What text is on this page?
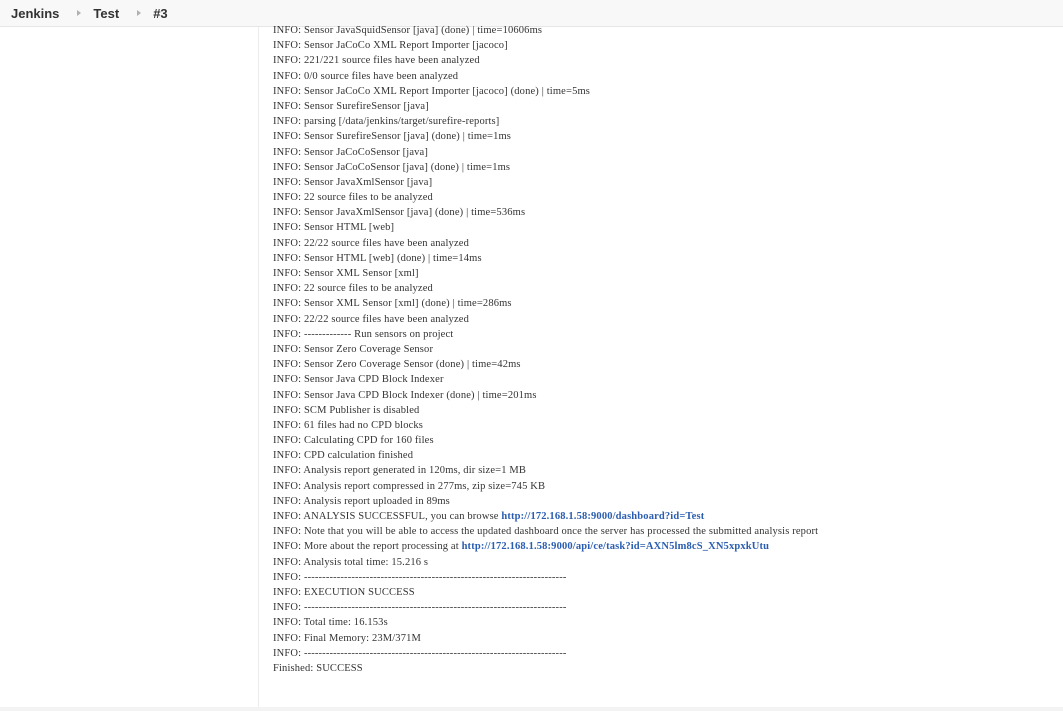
Jenkins	Test	#3
INFO: Sensor JavaSquidSensor [java] (done) | time=10606ms
INFO: Sensor JaCoCo XML Report Importer [jacoco]
INFO: 221/221 source files have been analyzed
INFO: 0/0 source files have been analyzed
INFO: Sensor JaCoCo XML Report Importer [jacoco] (done) | time=5ms
INFO: Sensor SurefireSensor [java]
INFO: parsing [/data/jenkins/target/surefire-reports]
INFO: Sensor SurefireSensor [java] (done) | time=1ms
INFO: Sensor JaCoCoSensor [java]
INFO: Sensor JaCoCoSensor [java] (done) | time=1ms
INFO: Sensor JavaXmlSensor [java]
INFO: 22 source files to be analyzed
INFO: Sensor JavaXmlSensor [java] (done) | time=536ms
INFO: Sensor HTML [web]
INFO: 22/22 source files have been analyzed
INFO: Sensor HTML [web] (done) | time=14ms
INFO: Sensor XML Sensor [xml]
INFO: 22 source files to be analyzed
INFO: Sensor XML Sensor [xml] (done) | time=286ms
INFO: 22/22 source files have been analyzed
INFO: ------------- Run sensors on project
INFO: Sensor Zero Coverage Sensor
INFO: Sensor Zero Coverage Sensor (done) | time=42ms
INFO: Sensor Java CPD Block Indexer
INFO: Sensor Java CPD Block Indexer (done) | time=201ms
INFO: SCM Publisher is disabled
INFO: 61 files had no CPD blocks
INFO: Calculating CPD for 160 files
INFO: CPD calculation finished
INFO: Analysis report generated in 120ms, dir size=1 MB
INFO: Analysis report compressed in 277ms, zip size=745 KB
INFO: Analysis report uploaded in 89ms
INFO: ANALYSIS SUCCESSFUL, you can browse http://172.168.1.58:9000/dashboard?id=Test
INFO: Note that you will be able to access the updated dashboard once the server has processed the submitted analysis report
INFO: More about the report processing at http://172.168.1.58:9000/api/ce/task?id=AXN5lm8cS_XN5xpxkUtu
INFO: Analysis total time: 15.216 s
INFO: ------------------------------------------------------------------------
INFO: EXECUTION SUCCESS
INFO: ------------------------------------------------------------------------
INFO: Total time: 16.153s
INFO: Final Memory: 23M/371M
INFO: ------------------------------------------------------------------------
Finished: SUCCESS
